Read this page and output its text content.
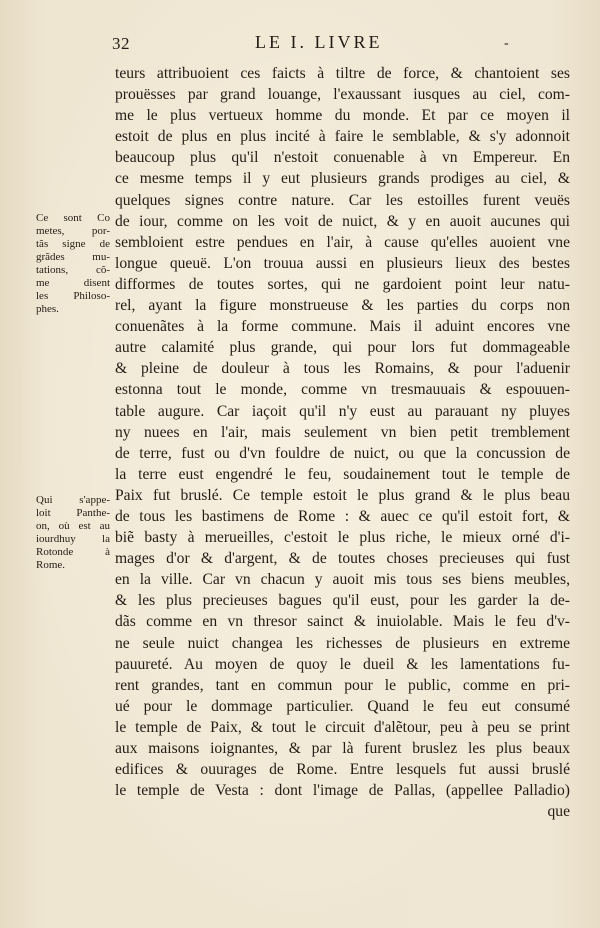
32	LE I. LIVRE	-
Ce sont Co
metes, por-
tãs signe de
grãdes mu-
tations, cõ-
me disent
les Philoso-
phes.
Qui s'appe-
loit Panthe-
on, où est au
iourdhuy la
Rotonde à
Rome.
teurs attribuoient ces faicts à tiltre de force, & chantoient ses
prouësses par grand louange, l'exaussant iusques au ciel, com-
me le plus vertueux homme du monde. Et par ce moyen il
estoit de plus en plus incité à faire le semblable, & s'y adonnoit
beaucoup plus qu'il n'estoit conuenable à vn Empereur. En
ce mesme temps il y eut plusieurs grands prodiges au ciel, &
quelques signes contre nature. Car les estoilles furent veuës
de iour, comme on les voit de nuict, & y en auoit aucunes qui
sembloient estre pendues en l'air, à cause qu'elles auoient vne
longue queuë. L'on trouua aussi en plusieurs lieux des bestes
difformes de toutes sortes, qui ne gardoient point leur natu-
rel, ayant la figure monstrueuse & les parties du corps non
conuenãtes à la forme commune. Mais il aduint encores vne
autre calamité plus grande, qui pour lors fut dommageable
& pleine de douleur à tous les Romains, & pour l'aduenir
estonna tout le monde, comme vn tresmauuais & espouuen-
table augure. Car iaçoit qu'il n'y eust au parauant ny pluyes
ny nuees en l'air, mais seulement vn bien petit tremblement
de terre, fust ou d'vn fouldre de nuict, ou que la concussion de
la terre eust engendré le feu, soudainement tout le temple de
Paix fut bruslé. Ce temple estoit le plus grand & le plus beau
de tous les bastimens de Rome : & auec ce qu'il estoit fort, &
biẽ basty à merueilles, c'estoit le plus riche, le mieux orné d'i-
mages d'or & d'argent, & de toutes choses precieuses qui fust
en la ville. Car vn chacun y auoit mis tous ses biens meubles,
& les plus precieuses bagues qu'il eust, pour les garder la de-
dãs comme en vn thresor sainct & inuiolable. Mais le feu d'v-
ne seule nuict changea les richesses de plusieurs en extreme
pauureté. Au moyen de quoy le dueil & les lamentations fu-
rent grandes, tant en commun pour le public, comme en pri-
ué pour le dommage particulier. Quand le feu eut consumé
le temple de Paix, & tout le circuit d'alẽtour, peu à peu se print
aux maisons ioignantes, & par là furent bruslez les plus beaux
edifices & ouurages de Rome. Entre lesquels fut aussi bruslé
le temple de Vesta : dont l'image de Pallas, (appellee Palladio)
que
